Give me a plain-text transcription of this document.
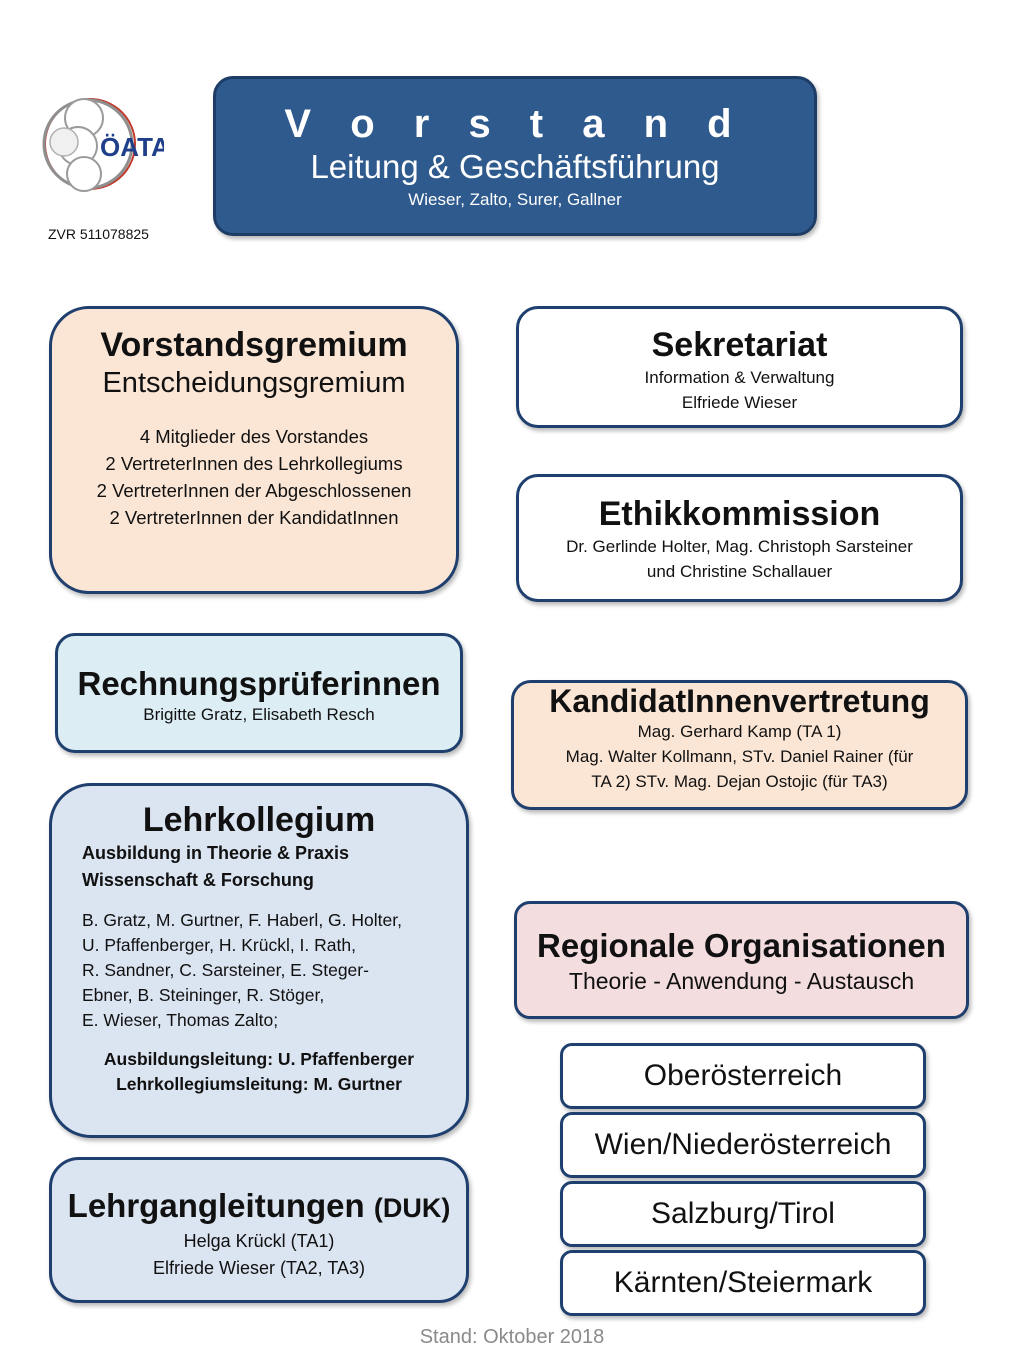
ÖATA
ZVR 511078825
V o r s t a n d
Leitung & Geschäftsführung
Wieser, Zalto, Surer, Gallner
Vorstandsgremium
Entscheidungsgremium
4 Mitglieder des Vorstandes
2 VertreterInnen des Lehrkollegiums
2 VertreterInnen der Abgeschlossenen
2 VertreterInnen der KandidatInnen
Sekretariat
Information & Verwaltung
Elfriede Wieser
Ethikkommission
Dr. Gerlinde Holter, Mag. Christoph Sarsteiner
und Christine Schallauer
Rechnungsprüferinnen
Brigitte Gratz, Elisabeth Resch	KandidatInnenvertretung
Mag. Gerhard Kamp (TA 1)
Mag. Walter Kollmann, STv. Daniel Rainer (für
TA 2) STv. Mag. Dejan Ostojic (für TA3)
Lehrkollegium
Ausbildung in Theorie & Praxis
Wissenschaft & Forschung
B. Gratz, M. Gurtner, F. Haberl, G. Holter,
U. Pfaffenberger, H. Krückl, I. Rath,
R. Sandner, C. Sarsteiner, E. Steger-
Ebner, B. Steininger, R. Stöger,
E. Wieser, Thomas Zalto;
Ausbildungsleitung: U. Pfaffenberger
Lehrkollegiumsleitung: M. Gurtner
Lehrgangleitungen (DUK)
Helga Krückl (TA1)
Elfriede Wieser (TA2, TA3)
Regionale Organisationen
Theorie - Anwendung - Austausch
Oberösterreich
Wien/Niederösterreich
Salzburg/Tirol
Kärnten/Steiermark
Stand: Oktober 2018
